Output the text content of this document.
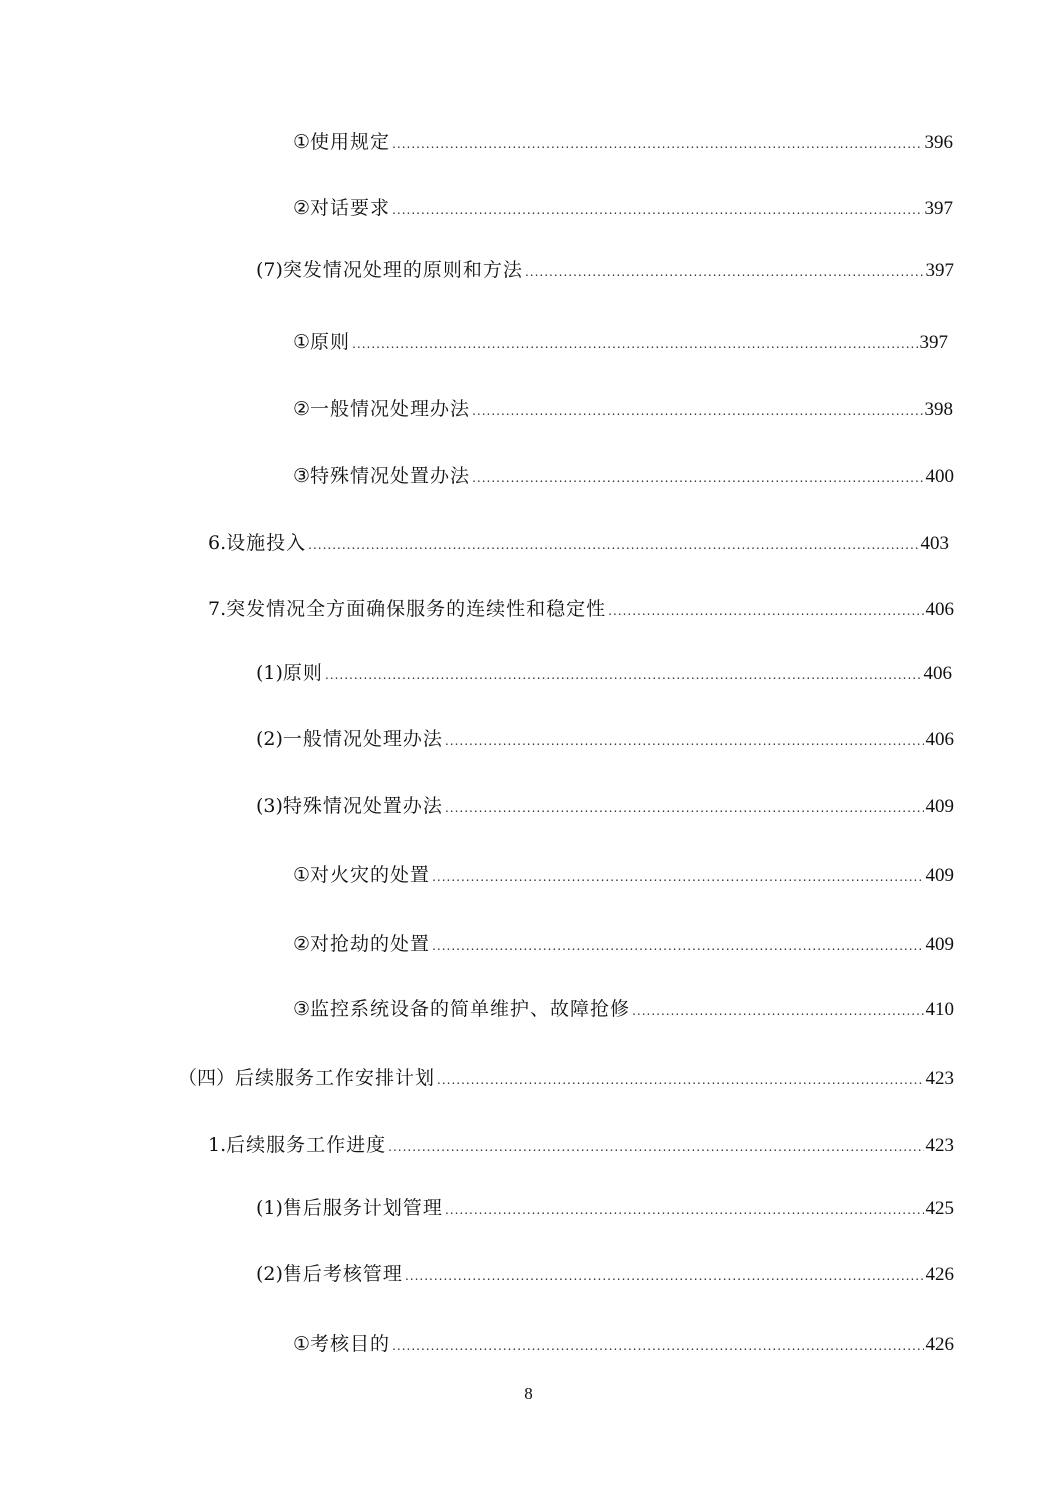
① 使用规定 .....	396
② 对话要求 .....	397
(7) 突发情况处理的原则和方法 .....	397
① 原则 .....	397
② 一般情况处理办法 .....	398
③ 特殊情况处置办法 .....	400
6. 设施投入 .....	403
7. 突发情况全方面确保服务的连续性和稳定性 .....	406
(1) 原则 .....	406
(2) 一般情况处理办法 .....	406
(3) 特殊情况处置办法 .....	409
① 对火灾的处置 .....	409
② 对抢劫的处置 .....	409
③ 监控系统设备的简单维护、故障抢修 .....	410
（四） 后续服务工作安排计划 .....	423
1. 后续服务工作进度 .....	423
(1) 售后服务计划管理 .....	425
(2) 售后考核管理 .....	426
① 考核目的 .....	426
8
